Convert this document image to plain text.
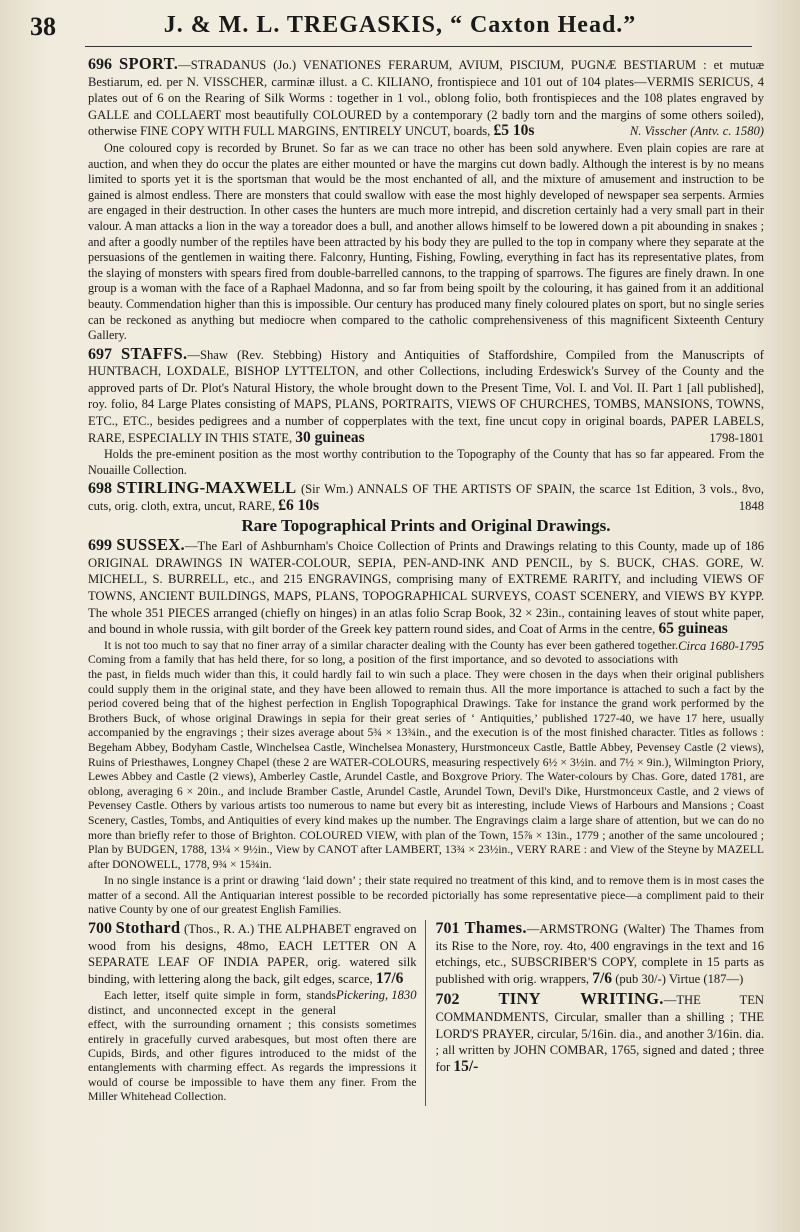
38	J. & M. L. TREGASKIS, “ Caxton Head.”

696 SPORT.—STRADANUS (Jo.) VENATIONES FERARUM, AVIUM, PISCIUM, PUGNÆ BESTIARUM : et mutuæ Bestiarum, ed. per N. VISSCHER, carminæ illust. a C. KILIANO, frontispiece and 101 out of 104 plates—VERMIS SERICUS, 4 plates out of 6 on the Rearing of Silk Worms : together in 1 vol., oblong folio, both frontispieces and the 108 plates engraved by GALLE and COLLAERT most beautifully COLOURED by a contemporary (2 badly torn and the margins of some others soiled), otherwise FINE COPY WITH FULL MARGINS, ENTIRELY UNCUT, boards, £5 10s	N. Visscher (Antv. c. 1580)

One coloured copy is recorded by Brunet. So far as we can trace no other has been sold anywhere. Even plain copies are rare at auction, and when they do occur the plates are either mounted or have the margins cut down badly. Although the interest is by no means limited to sports yet it is the sportsman that would be the most enchanted of all, and the mixture of amusement and instruction to be gained is almost endless. There are monsters that could swallow with ease the most highly developed of newspaper sea serpents. Armies are engaged in their destruction. In other cases the hunters are much more intrepid, and discretion certainly had a very small part in their valour. A man attacks a lion in the way a toreador does a bull, and another allows himself to be lowered down a pit abounding in snakes ; and after a goodly number of the reptiles have been attracted by his body they are pulled to the top in company where they separate at the persuasions of the gentlemen in waiting there. Falconry, Hunting, Fishing, Fowling, everything in fact has its representative plates, from the slaying of monsters with spears fired from double-barrelled cannons, to the trapping of sparrows. The figures are finely drawn. In one group is a woman with the face of a Raphael Madonna, and so far from being spoilt by the colouring, it has gained from it an additional beauty. Commendation higher than this is impossible. Our century has produced many finely coloured plates on sport, but no single series can be reckoned as anything but mediocre when compared to the catholic comprehensiveness of this magnificent Sixteenth Century Gallery.

697 STAFFS.—Shaw (Rev. Stebbing) History and Antiquities of Staffordshire, Compiled from the Manuscripts of HUNTBACH, LOXDALE, BISHOP LYTTELTON, and other Collections, including Erdeswick's Survey of the County and the approved parts of Dr. Plot's Natural History, the whole brought down to the Present Time, Vol. I. and Vol. II. Part 1 [all published], roy. folio, 84 Large Plates consisting of MAPS, PLANS, PORTRAITS, VIEWS OF CHURCHES, TOMBS, MANSIONS, TOWNS, ETC., ETC., besides pedigrees and a number of copperplates with the text, fine uncut copy in original boards, PAPER LABELS, RARE, ESPECIALLY IN THIS STATE, 30 guineas	1798-1801

Holds the pre-eminent position as the most worthy contribution to the Topography of the County that has so far appeared. From the Nouaille Collection.

698 STIRLING-MAXWELL (Sir Wm.) ANNALS OF THE ARTISTS OF SPAIN, the scarce 1st Edition, 3 vols., 8vo, cuts, orig. cloth, extra, uncut, RARE, £6 10s	1848

Rare Topographical Prints and Original Drawings.

699 SUSSEX.—The Earl of Ashburnham's Choice Collection of Prints and Drawings relating to this County, made up of 186 ORIGINAL DRAWINGS IN WATER-COLOUR, SEPIA, PEN-AND-INK AND PENCIL, by S. BUCK, CHAS. GORE, W. MICHELL, S. BURRELL, etc., and 215 ENGRAVINGS, comprising many of EXTREME RARITY, and including VIEWS OF TOWNS, ANCIENT BUILDINGS, MAPS, PLANS, TOPOGRAPHICAL SURVEYS, COAST SCENERY, and VIEWS BY KYPP. The whole 351 PIECES arranged (chiefly on hinges) in an atlas folio Scrap Book, 32 × 23in., containing leaves of stout white paper, and bound in whole russia, with gilt border of the Greek key pattern round sides, and Coat of Arms in the centre, 65 guineas
Circa 1680-1795

It is not too much to say that no finer array of a similar character dealing with the County has ever been gathered together. Coming from a family that has held there, for so long, a position of the first importance, and so devoted to associations with the past, in fields much wider than this, it could hardly fail to win such a place. They were chosen in the days when their original publishers could supply them in the original state, and they have been allowed to remain thus. All the more importance is attached to such a fact by the period covered being that of the highest perfection in English Topographical Drawings. Take for instance the grand work performed by the Brothers Buck, of whose original Drawings in sepia for their great series of ‘ Antiquities,’ published 1727-40, we have 17 here, usually accompanied by the engravings ; their sizes average about 5¾ × 13¾in., and the execution is of the most finished character. Titles as follows : Begeham Abbey, Bodyham Castle, Winchelsea Castle, Winchelsea Monastery, Hurstmonceux Castle, Battle Abbey, Pevensey Castle (2 views), Ruins of Priesthawes, Longney Chapel (these 2 are WATER-COLOURS, measuring respectively 6½ × 3½in. and 7½ × 9in.), Wilmington Priory, Lewes Abbey and Castle (2 views), Amberley Castle, Arundel Castle, and Boxgrove Priory. The Water-colours by Chas. Gore, dated 1781, are oblong, averaging 6 × 20in., and include Bramber Castle, Arundel Castle, Arundel Town, Devil's Dike, Hurstmonceux Castle, and 2 views of Pevensey Castle. Others by various artists too numerous to name but every bit as interesting, include Views of Harbours and Mansions ; Coast Scenery, Castles, Tombs, and Antiquities of every kind makes up the number. The Engravings claim a large share of attention, but we can do no more than briefly refer to those of Brighton. COLOURED VIEW, with plan of the Town, 15⅞ × 13in., 1779 ; another of the same uncoloured ; Plan by BUDGEN, 1788, 13¼ × 9½in., View by CANOT after LAMBERT, 13¾ × 23½in., VERY RARE : and View of the Steyne by MAZELL after DONOWELL, 1778, 9¾ × 15¾in.

In no single instance is a print or drawing ‘laid down’ ; their state required no treatment of this kind, and to remove them is in most cases the matter of a second. All the Antiquarian interest possible to be recorded pictorially has some representative piece—a compliment paid to their native County by one of our greatest English Families.

700 Stothard (Thos., R. A.) THE ALPHABET engraved on wood from his designs, 48mo, EACH LETTER ON A SEPARATE LEAF OF INDIA PAPER, orig. watered silk binding, with lettering along the back, gilt edges, scarce, 17/6
Pickering, 1830

Each letter, itself quite simple in form, stands distinct, and unconnected except in the general effect, with the surrounding ornament ; this consists sometimes entirely in gracefully curved arabesques, but most often there are Cupids, Birds, and other figures introduced to the midst of the entanglements with charming effect. As regards the impressions it would of course be impossible to have them any finer. From the Miller Whitehead Collection.

701 Thames.—ARMSTRONG (Walter) The Thames from its Rise to the Nore, roy. 4to, 400 engravings in the text and 16 etchings, etc., SUBSCRIBER'S COPY, complete in 15 parts as published with orig. wrappers, 7/6 (pub 30/-) Virtue (187—)

702 TINY WRITING.—THE TEN COMMANDMENTS, Circular, smaller than a shilling ; THE LORD'S PRAYER, circular, 5/16in. dia., and another 3/16in. dia. ; all written by JOHN COMBAR, 1765, signed and dated ; three for 15/-
